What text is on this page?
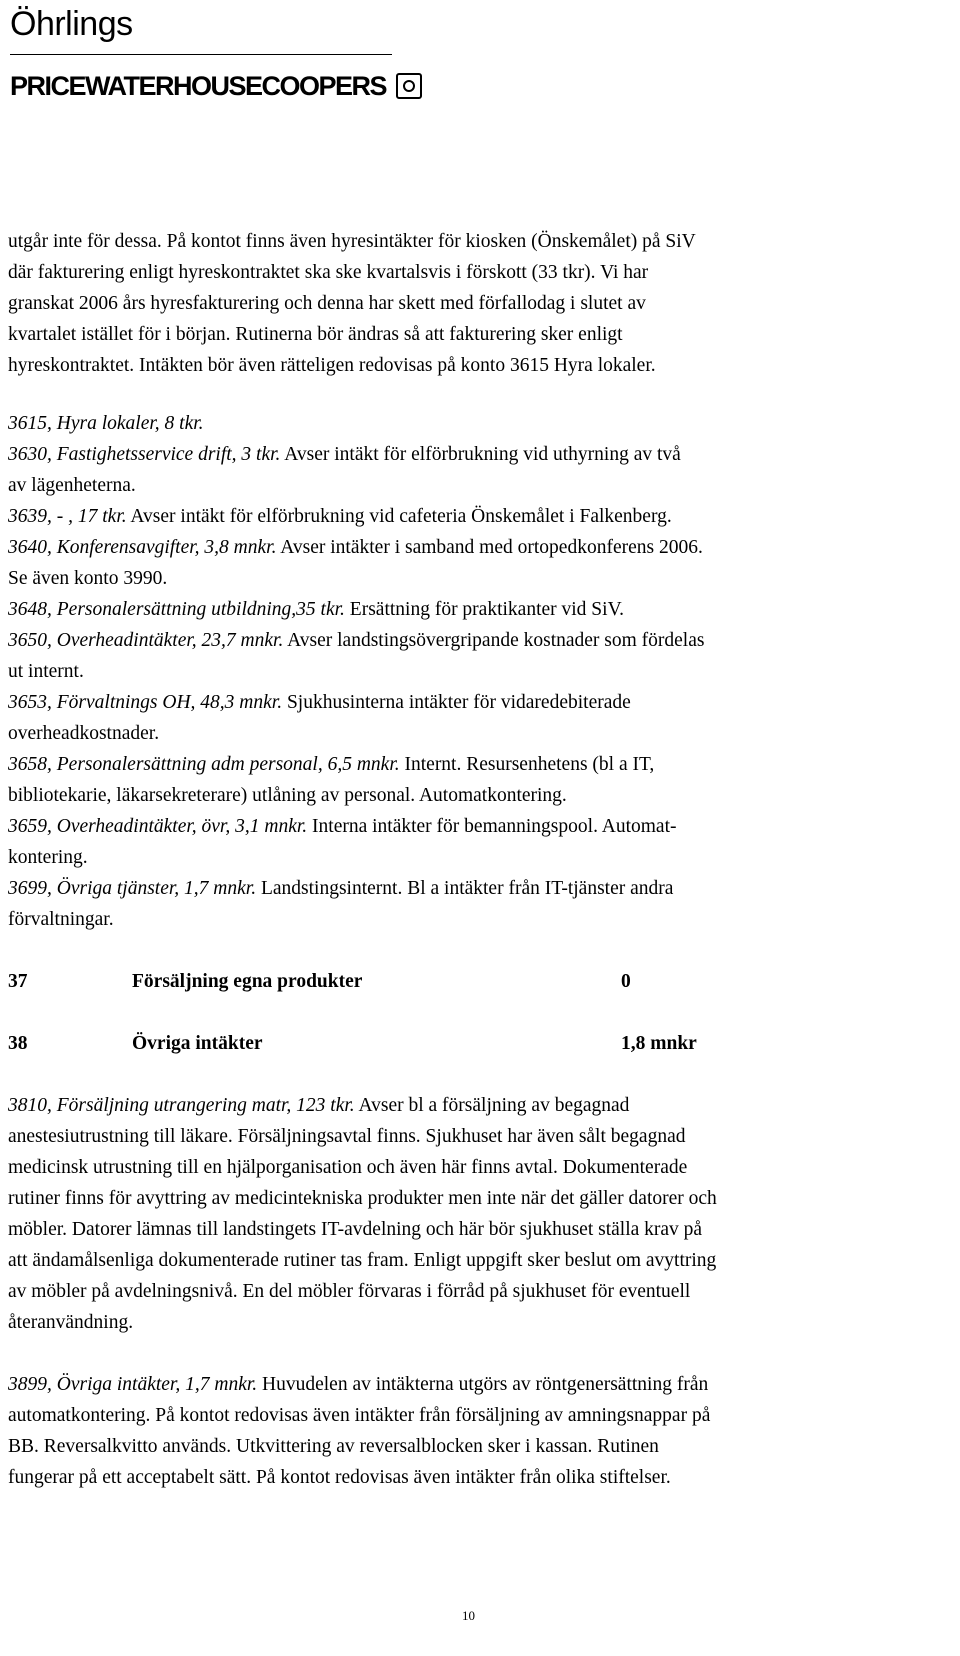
Öhrlings
PRICEWATERHOUSECOOPERS

utgår inte för dessa. På kontot finns även hyresintäkter för kiosken (Önskemålet) på SiV

där fakturering enligt hyreskontraktet ska ske kvartalsvis i förskott (33 tkr). Vi har

granskat 2006 års hyresfakturering och denna har skett med förfallodag i slutet av

kvartalet istället för i början. Rutinerna bör ändras så att fakturering sker enligt

hyreskontraktet. Intäkten bör även rätteligen redovisas på konto 3615 Hyra lokaler.

3615, Hyra lokaler, 8 tkr.

3630, Fastighetsservice drift, 3 tkr. Avser intäkt för elförbrukning vid uthyrning av två

av lägenheterna.

3639, - , 17 tkr. Avser intäkt för elförbrukning vid cafeteria Önskemålet i Falkenberg.

3640, Konferensavgifter, 3,8 mnkr. Avser intäkter i samband med ortopedkonferens 2006.

Se även konto 3990.

3648, Personalersättning utbildning,35 tkr. Ersättning för praktikanter vid SiV.

3650, Overheadintäkter, 23,7 mnkr. Avser landstingsövergripande kostnader som fördelas

ut internt.

3653, Förvaltnings OH, 48,3 mnkr. Sjukhusinterna intäkter för vidaredebiterade

overheadkostnader.

3658, Personalersättning adm personal, 6,5 mnkr. Internt. Resursenhetens (bl a IT,

bibliotekarie, läkarsekreterare) utlåning av personal. Automatkontering.

3659, Overheadintäkter, övr, 3,1 mnkr. Interna intäkter för bemanningspool. Automat-

kontering.

3699, Övriga tjänster, 1,7 mnkr. Landstingsinternt. Bl a intäkter från IT-tjänster andra

förvaltningar.

37	Försäljning egna produkter	0
38	Övriga intäkter	1,8 mnkr

3810, Försäljning utrangering matr, 123 tkr. Avser bl a försäljning av begagnad

anestesiutrustning till läkare. Försäljningsavtal finns. Sjukhuset har även sålt begagnad

medicinsk utrustning till en hjälporganisation och även här finns avtal. Dokumenterade

rutiner finns för avyttring av medicintekniska produkter men inte när det gäller datorer och

möbler. Datorer lämnas till landstingets IT-avdelning och här bör sjukhuset ställa krav på

att ändamålsenliga dokumenterade rutiner tas fram. Enligt uppgift sker beslut om avyttring

av möbler på avdelningsnivå. En del möbler förvaras i förråd på sjukhuset för eventuell

återanvändning.

3899, Övriga intäkter, 1,7 mnkr. Huvudelen av intäkterna utgörs av röntgenersättning från

automatkontering. På kontot redovisas även intäkter från försäljning av amningsnappar på

BB. Reversalkvitto används. Utkvittering av reversalblocken sker i kassan. Rutinen

fungerar på ett acceptabelt sätt. På kontot redovisas även intäkter från olika stiftelser.

10
